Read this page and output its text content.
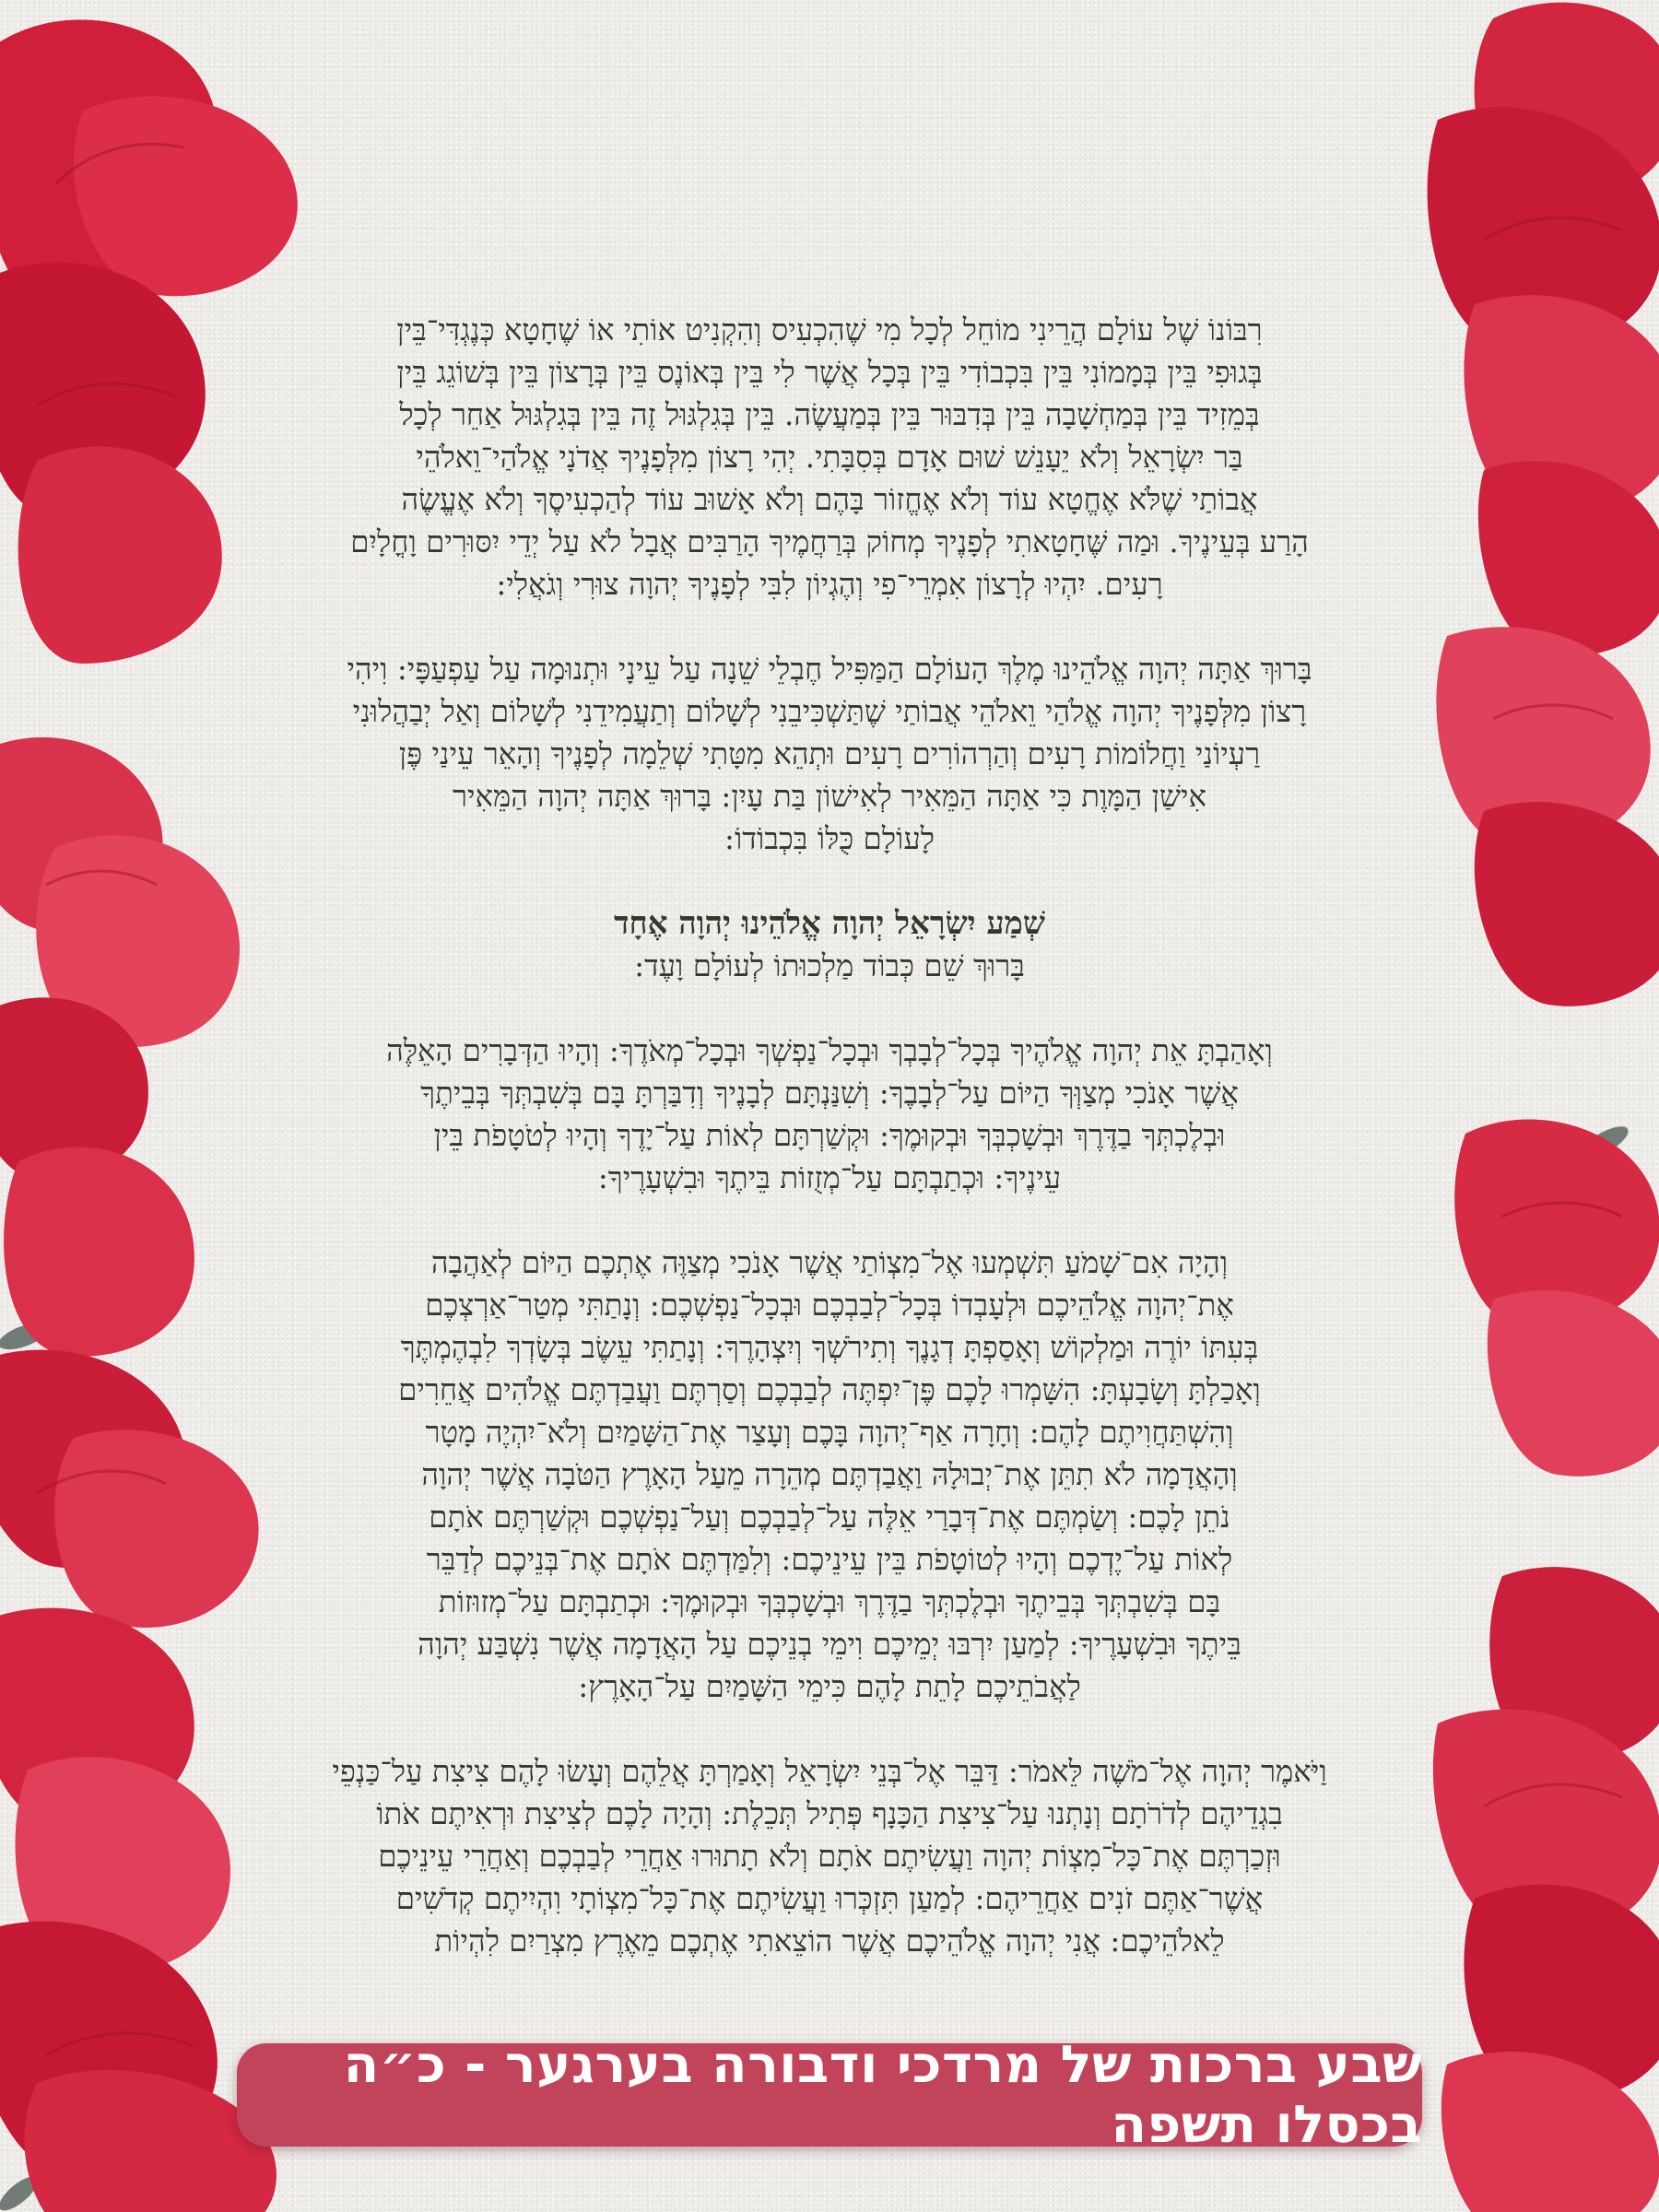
רִבּוֹנוֹ שֶׁל עוֹלָם הֲרֵינִי מוֹחֵל לְכָל מִי שֶׁהִכְעִיס וְהִקְנִיט אוֹתִי אוֹ שֶׁחָטָא כְּנֶגְדִּי־בֵּין
בְּגוּפִי בֵּין בְּמָמוֹנִי בֵּין בִּכְבוֹדִי בֵּין בְּכָל אֲשֶׁר לִי בֵּין בְּאוֹנֶס בֵּין בְּרָצוֹן בֵּין בְּשׁוֹגֵג בֵּין
בְּמֵזִיד בֵּין בְּמַחְשָׁבָה בֵּין בְּדִבּוּר בֵּין בְּמַעֲשֶׂה. בֵּין בְּגִלְגּוּל זֶה בֵּין בְּגִלְגּוּל אַחֵר לְכָל
בַּר יִשְׂרָאֵל וְלֹא יֵעָנֵשׁ שׁוּם אָדָם בְּסִבָּתִי. יְהִי רָצוֹן מִלְּפָנֶיךָ אֲדֹנָי אֱלֹהַי־וֵאלֹהֵי
אֲבוֹתַי שֶׁלֹּא אֶחֱטָא עוֹד וְלֹא אֶחֱזוֹר בָּהֶם וְלֹא אָשׁוּב עוֹד לְהַכְעִיסֶךָ וְלֹא אֶעֱשֶׂה
הָרַע בְּעֵינֶיךָ. וּמַה שֶּׁחָטָאתִי לְפָנֶיךָ מְחוֹק בְּרַחֲמֶיךָ הָרַבִּים אֲבָל לֹא עַל יְדֵי יִסּוּרִים וָחֳלָיִם
רָעִים. יִהְיוּ לְרָצוֹן אִמְרֵי־פִי וְהֶגְיוֹן לִבִּי לְפָנֶיךָ יְהוָה צוּרִי וְגֹאֲלִי:
בָּרוּךְ אַתָּה יְהוָה אֱלֹהֵינוּ מֶלֶךְ הָעוֹלָם הַמַּפִּיל חֶבְלֵי שֵׁנָה עַל עֵינָי וּתְנוּמָה עַל עַפְעַפָּי: וִיהִי
רָצוֹן מִלְּפָנֶיךָ יְהוָה אֱלֹהַי וֵאלֹהֵי אֲבוֹתַי שֶׁתַּשְׁכִּיבֵנִי לְשָׁלוֹם וְתַעֲמִידֵנִי לְשָׁלוֹם וְאַל יְבַהֲלוּנִי
רַעְיוֹנַי וַחֲלוֹמוֹת רָעִים וְהַרְהוֹרִים רָעִים וּתְהֵא מִטָּתִי שְׁלֵמָה לְפָנֶיךָ וְהָאֵר עֵינַי פֶּן
אִישַׁן הַמָּוֶת כִּי אַתָּה הַמֵּאִיר לְאִישׁוֹן בַּת עָיִן: בָּרוּךְ אַתָּה יְהוָה הַמֵּאִיר
לָעוֹלָם כֻּלּוֹ בִּכְבוֹדוֹ:
שְׁמַע יִשְׂרָאֵל יְהוָה אֱלֹהֵינוּ יְהוָה אֶחָד
בָּרוּךְ שֵׁם כְּבוֹד מַלְכוּתוֹ לְעוֹלָם וָעֶד:
וְאָהַבְתָּ אֵת יְהוָה אֱלֹהֶיךָ בְּכָל־לְבָבְךָ וּבְכָל־נַפְשְׁךָ וּבְכָל־מְאֹדֶךָ: וְהָיוּ הַדְּבָרִים הָאֵלֶּה
אֲשֶׁר אָנֹכִי מְצַוְּךָ הַיּוֹם עַל־לְבָבֶךָ: וְשִׁנַּנְתָּם לְבָנֶיךָ וְדִבַּרְתָּ בָּם בְּשִׁבְתְּךָ בְּבֵיתֶךָ
וּבְלֶכְתְּךָ בַדֶּרֶךְ וּבְשָׁכְבְּךָ וּבְקוּמֶךָ: וּקְשַׁרְתָּם לְאוֹת עַל־יָדֶךָ וְהָיוּ לְטֹטָפֹת בֵּין
עֵינֶיךָ: וּכְתַבְתָּם עַל־מְזֻזוֹת בֵּיתֶךָ וּבִשְׁעָרֶיךָ:
וְהָיָה אִם־שָׁמֹעַ תִּשְׁמְעוּ אֶל־מִצְוֹתַי אֲשֶׁר אָנֹכִי מְצַוֶּה אֶתְכֶם הַיּוֹם לְאַהֲבָה
אֶת־יְהוָה אֱלֹהֵיכֶם וּלְעָבְדוֹ בְּכָל־לְבַבְכֶם וּבְכָל־נַפְשְׁכֶם: וְנָתַתִּי מְטַר־אַרְצְכֶם
בְּעִתּוֹ יוֹרֶה וּמַלְקוֹשׁ וְאָסַפְתָּ דְגָנֶךָ וְתִירֹשְׁךָ וְיִצְהָרֶךָ: וְנָתַתִּי עֵשֶׂב בְּשָׂדְךָ לִבְהֶמְתֶּךָ
וְאָכַלְתָּ וְשָׂבָעְתָּ: הִשָּׁמְרוּ לָכֶם פֶּן־יִפְתֶּה לְבַבְכֶם וְסַרְתֶּם וַעֲבַדְתֶּם אֱלֹהִים אֲחֵרִים
וְהִשְׁתַּחֲוִיתֶם לָהֶם: וְחָרָה אַף־יְהוָה בָּכֶם וְעָצַר אֶת־הַשָּׁמַיִם וְלֹא־יִהְיֶה מָטָר
וְהָאֲדָמָה לֹא תִתֵּן אֶת־יְבוּלָהּ וַאֲבַדְתֶּם מְהֵרָה מֵעַל הָאָרֶץ הַטֹּבָה אֲשֶׁר יְהוָה
נֹתֵן לָכֶם: וְשַׂמְתֶּם אֶת־דְּבָרַי אֵלֶּה עַל־לְבַבְכֶם וְעַל־נַפְשְׁכֶם וּקְשַׁרְתֶּם אֹתָם
לְאוֹת עַל־יֶדְכֶם וְהָיוּ לְטוֹטָפֹת בֵּין עֵינֵיכֶם: וְלִמַּדְתֶּם אֹתָם אֶת־בְּנֵיכֶם לְדַבֵּר
בָּם בְּשִׁבְתְּךָ בְּבֵיתֶךָ וּבְלֶכְתְּךָ בַדֶּרֶךְ וּבְשָׁכְבְּךָ וּבְקוּמֶךָ: וּכְתַבְתָּם עַל־מְזוּזוֹת
בֵּיתֶךָ וּבִשְׁעָרֶיךָ: לְמַעַן יִרְבּוּ יְמֵיכֶם וִימֵי בְנֵיכֶם עַל הָאֲדָמָה אֲשֶׁר נִשְׁבַּע יְהוָה
לַאֲבֹתֵיכֶם לָתֵת לָהֶם כִּימֵי הַשָּׁמַיִם עַל־הָאָרֶץ:
וַיֹּאמֶר יְהוָה אֶל־מֹשֶׁה לֵּאמֹר: דַּבֵּר אֶל־בְּנֵי יִשְׂרָאֵל וְאָמַרְתָּ אֲלֵהֶם וְעָשׂוּ לָהֶם צִיצִת עַל־כַּנְפֵי
בִגְדֵיהֶם לְדֹרֹתָם וְנָתְנוּ עַל־צִיצִת הַכָּנָף פְּתִיל תְּכֵלֶת: וְהָיָה לָכֶם לְצִיצִת וּרְאִיתֶם אֹתוֹ
וּזְכַרְתֶּם אֶת־כָּל־מִצְוֹת יְהוָה וַעֲשִׂיתֶם אֹתָם וְלֹא תָתוּרוּ אַחֲרֵי לְבַבְכֶם וְאַחֲרֵי עֵינֵיכֶם
אֲשֶׁר־אַתֶּם זֹנִים אַחֲרֵיהֶם: לְמַעַן תִּזְכְּרוּ וַעֲשִׂיתֶם אֶת־כָּל־מִצְוֹתָי וִהְיִיתֶם קְדֹשִׁים
לֵאלֹהֵיכֶם: אֲנִי יְהוָה אֱלֹהֵיכֶם אֲשֶׁר הוֹצֵאתִי אֶתְכֶם מֵאֶרֶץ מִצְרַיִם לִהְיוֹת
שבע ברכות של מרדכי ודבורה בערגער - כ״ה בכסלו תשפה
